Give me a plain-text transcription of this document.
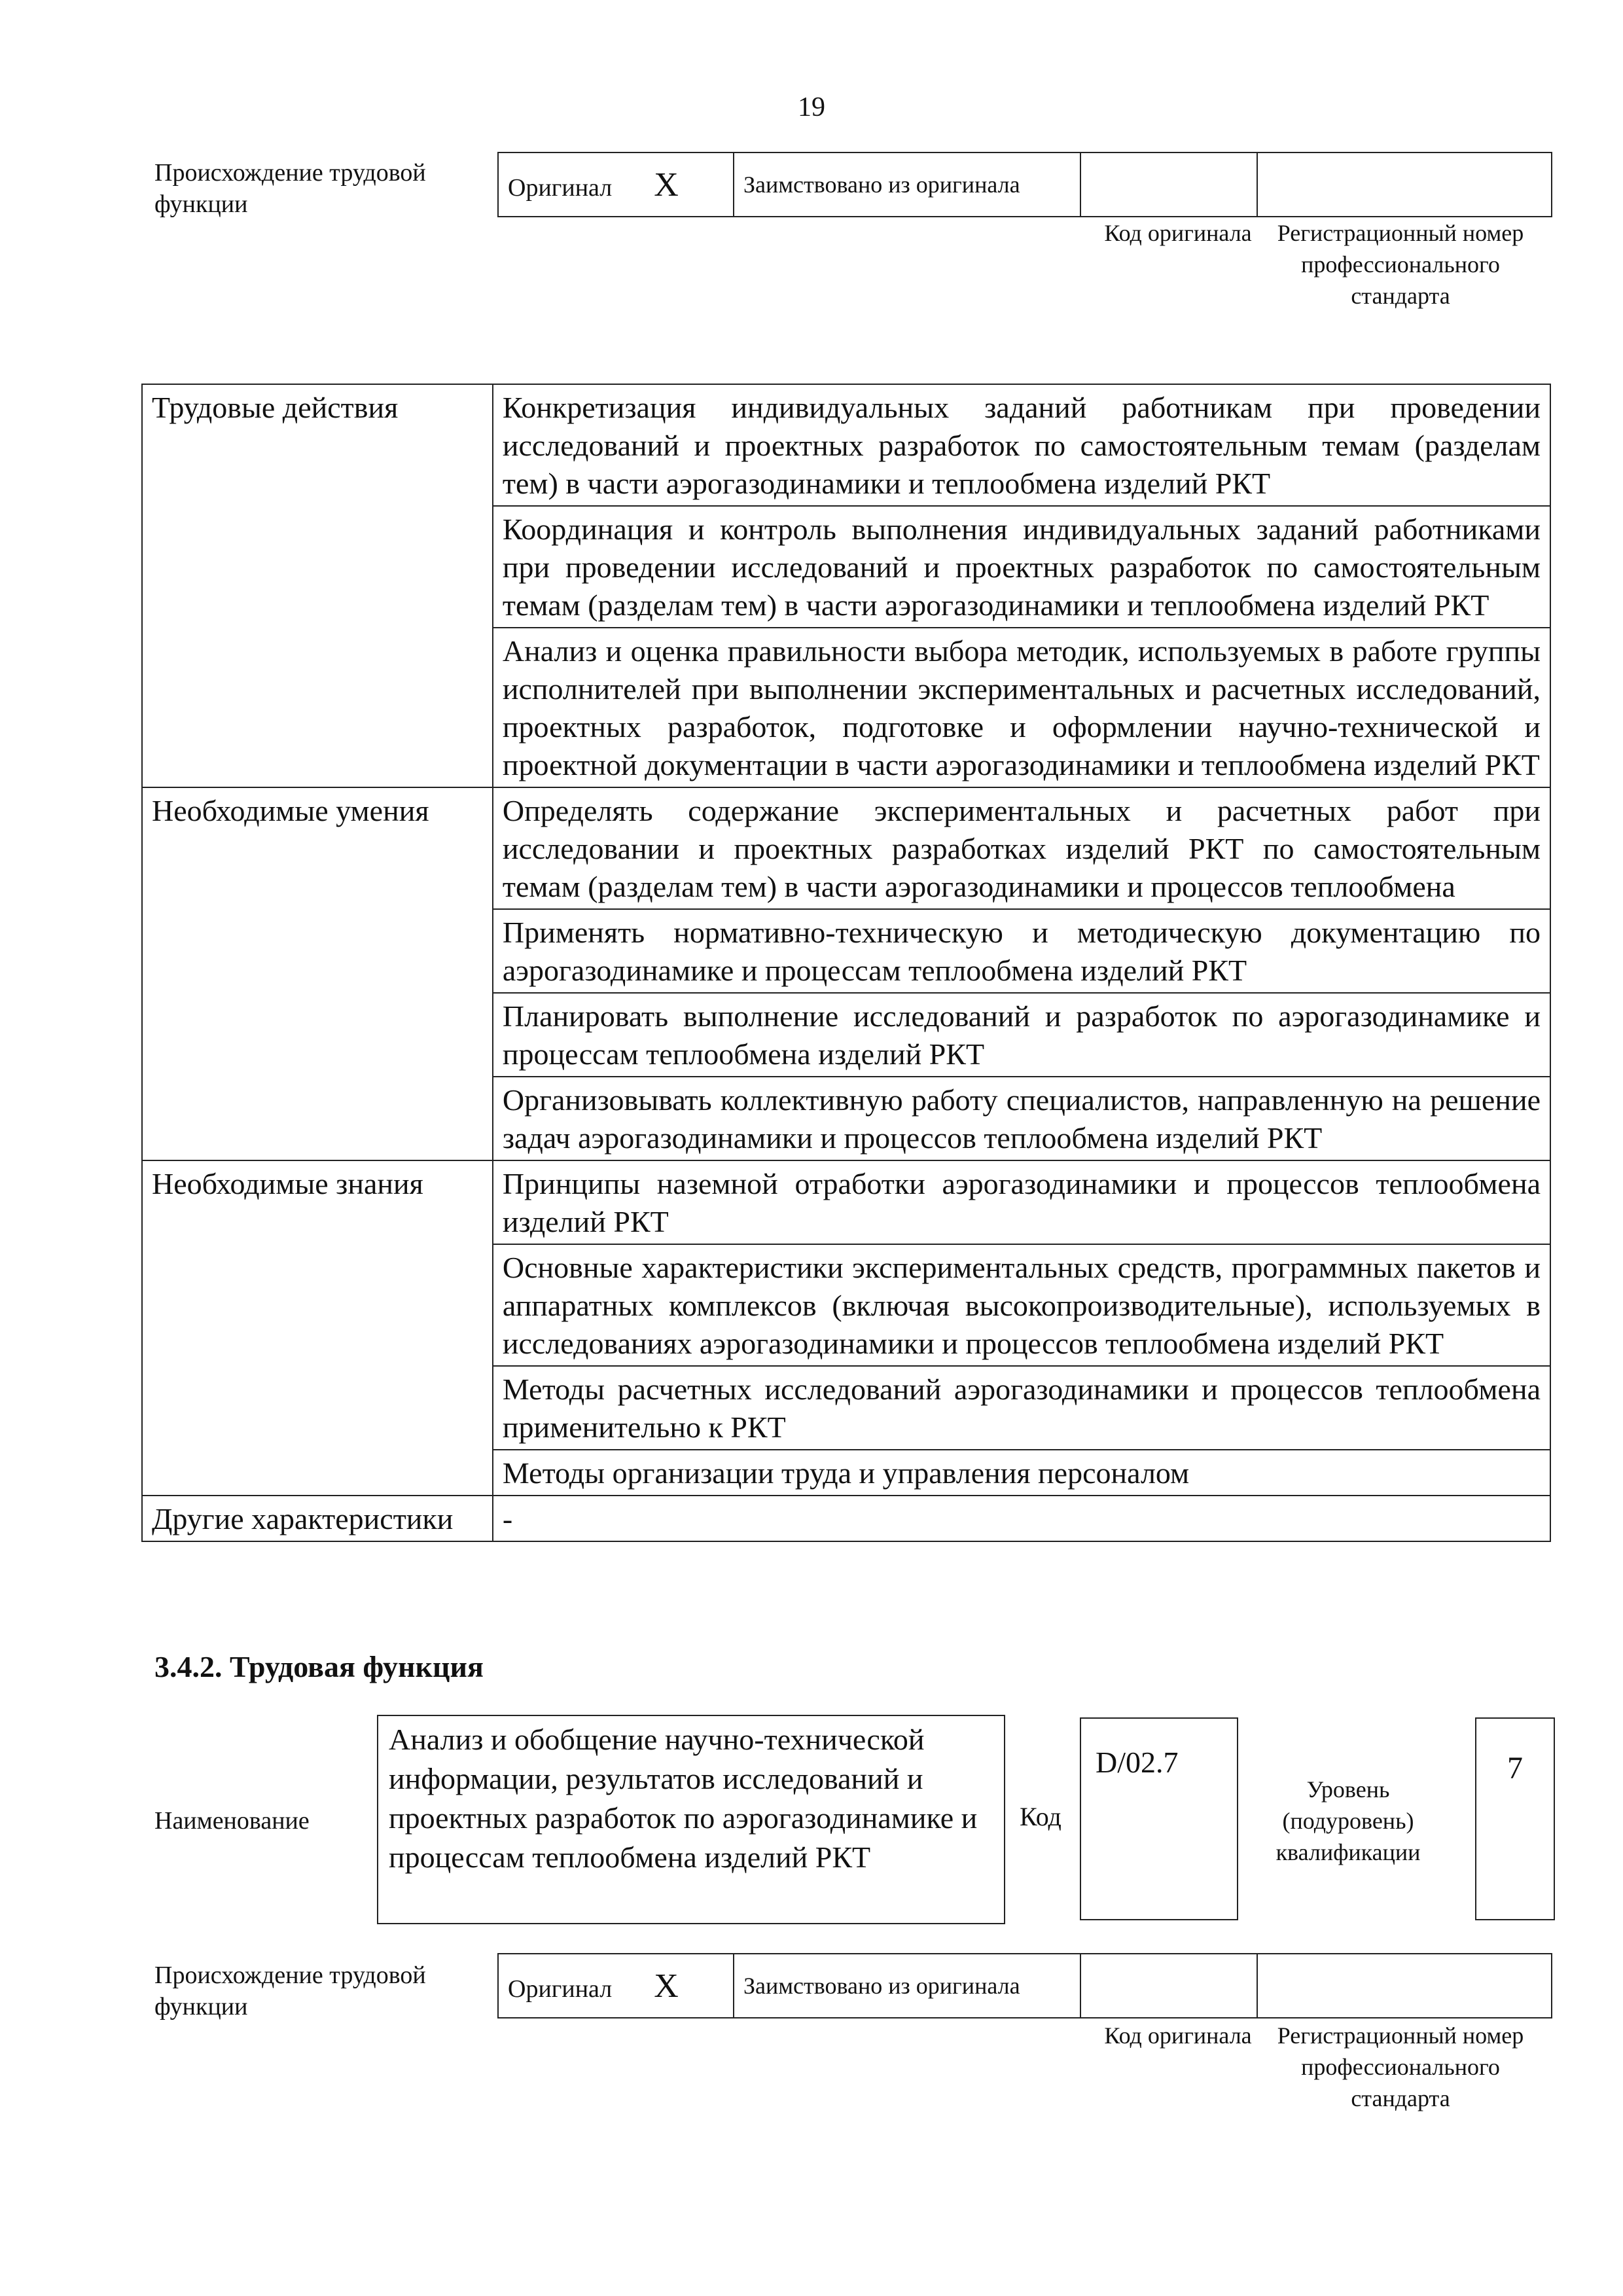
19
Происхождение трудовой функции
Оригинал X	Заимствовано из оригинала		
Код оригинала	Регистрационный номер профессионального стандарта
Трудовые действия	Конкретизация индивидуальных заданий работникам при проведении исследований и проектных разработок по самостоятельным темам (разделам тем) в части аэрогазодинамики и теплообмена изделий РКТ
	Координация и контроль выполнения индивидуальных заданий работниками при проведении исследований и проектных разработок по самостоятельным темам (разделам тем) в части аэрогазодинамики и теплообмена изделий РКТ
	Анализ и оценка правильности выбора методик, используемых в работе группы исполнителей при выполнении экспериментальных и расчетных исследований, проектных разработок, подготовке и оформлении научно-технической и проектной документации в части аэрогазодинамики и теплообмена изделий РКТ
Необходимые умения	Определять содержание экспериментальных и расчетных работ при исследовании и проектных разработках изделий РКТ по самостоятельным темам (разделам тем) в части аэрогазодинамики и процессов теплообмена
	Применять нормативно-техническую и методическую документацию по аэрогазодинамике и процессам теплообмена изделий РКТ
	Планировать выполнение исследований и разработок по аэрогазодинамике и процессам теплообмена изделий РКТ
	Организовывать коллективную работу специалистов, направленную на решение задач аэрогазодинамики и процессов теплообмена изделий РКТ
Необходимые знания	Принципы наземной отработки аэрогазодинамики и процессов теплообмена изделий РКТ
	Основные характеристики экспериментальных средств, программных пакетов и аппаратных комплексов (включая высокопроизводительные), используемых в исследованиях аэрогазодинамики и процессов теплообмена изделий РКТ
	Методы расчетных исследований аэрогазодинамики и процессов теплообмена применительно к РКТ
	Методы организации труда и управления персоналом
Другие характеристики	-
3.4.2. Трудовая функция
Наименование
Анализ и обобщение научно-технической информации, результатов исследований и проектных разработок по аэрогазодинамике и процессам теплообмена изделий РКТ
Код
D/02.7
Уровень (подуровень) квалификации
7
Происхождение трудовой функции
Оригинал X	Заимствовано из оригинала		
Код оригинала	Регистрационный номер профессионального стандарта
